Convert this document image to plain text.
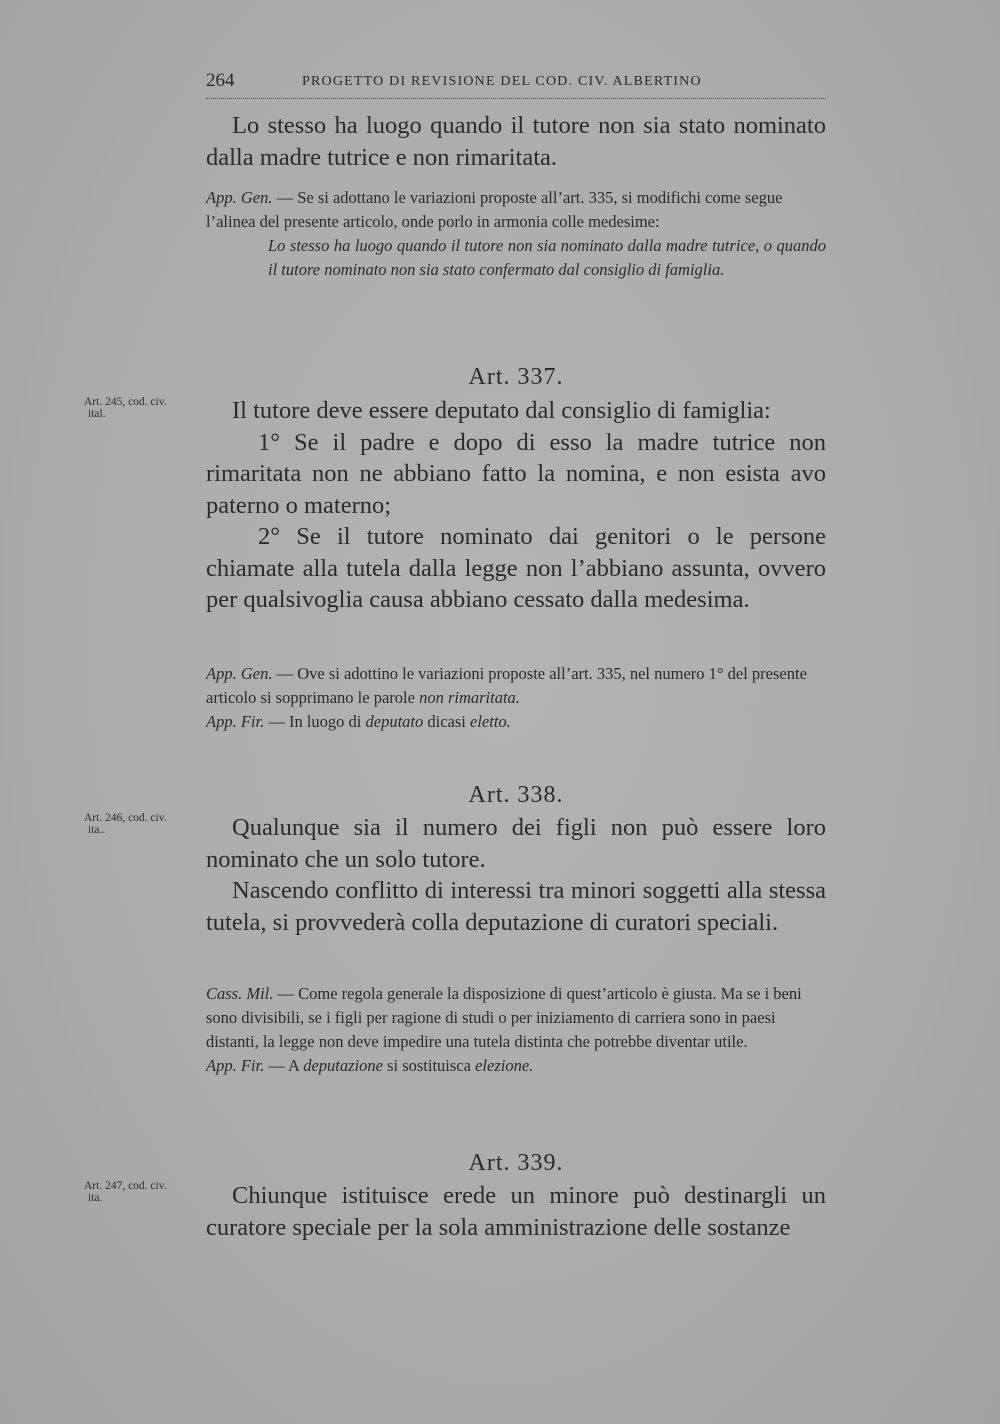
264	PROGETTO DI REVISIONE DEL COD. CIV. ALBERTINO

Lo stesso ha luogo quando il tutore non sia stato nominato dalla madre tutrice e non rimaritata.

App. Gen. — Se si adottano le variazioni proposte all’art. 335, si modifichi come segue l’alinea del presente articolo, onde porlo in armonia colle medesime:

Lo stesso ha luogo quando il tutore non sia nominato dalla madre tutrice, o quando il tutore nominato non sia stato confermato dal consiglio di famiglia.

Art. 337.
Art. 245, cod. civ.
ital.	Il tutore deve essere deputato dal consiglio di famiglia:

1° Se il padre e dopo di esso la madre tutrice non rimaritata non ne abbiano fatto la nomina, e non esista avo paterno o materno;

2° Se il tutore nominato dai genitori o le persone chiamate alla tutela dalla legge non l’abbiano assunta, ovvero per qualsivoglia causa abbiano cessato dalla medesima.

App. Gen. — Ove si adottino le variazioni proposte all’art. 335, nel numero 1° del presente articolo si sopprimano le parole non rimaritata.

App. Fir. — In luogo di deputato dicasi eletto.

Art. 338.
Art. 246, cod. civ.
ita..	Qualunque sia il numero dei figli non può essere loro nominato che un solo tutore.

Nascendo conflitto di interessi tra minori soggetti alla stessa tutela, si provvederà colla deputazione di curatori speciali.

Cass. Mil. — Come regola generale la disposizione di quest’articolo è giusta. Ma se i beni sono divisibili, se i figli per ragione di studi o per iniziamento di carriera sono in paesi distanti, la legge non deve impedire una tutela distinta che potrebbe diventar utile.

App. Fir. — A deputazione si sostituisca elezione.

Art. 339.
Art. 247, cod. civ.
ita.	Chiunque istituisce erede un minore può destinargli un curatore speciale per la sola amministrazione delle sostanze
